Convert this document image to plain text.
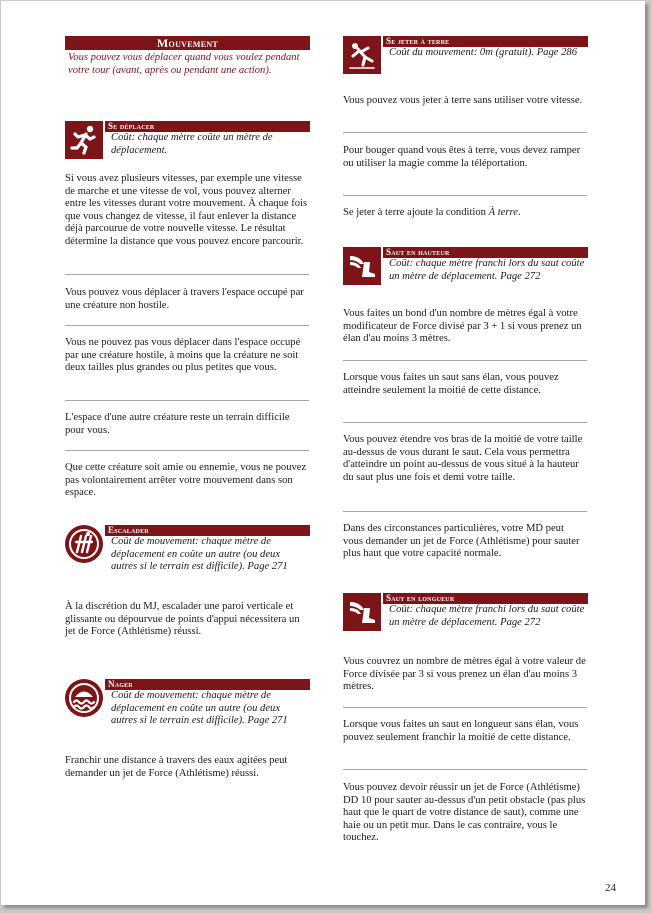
Mouvement
Vous pouvez vous déplacer quand vous voulez pendant votre tour (avant, après ou pendant une action).
Se déplacer
Coût: chaque mètre coûte un mètre de déplacement.
Si vous avez plusieurs vitesses, par exemple une vitesse de marche et une vitesse de vol, vous pouvez alterner entre les vitesses durant votre mouvement. À chaque fois que vous changez de vitesse, il faut enlever la distance déjà parcourue de votre nouvelle vitesse. Le résultat détermine la distance que vous pouvez encore parcourir.
Vous pouvez vous déplacer à travers l'espace occupé par une créature non hostile.
Vous ne pouvez pas vous déplacer dans l'espace occupé par une créature hostile, à moins que la créature ne soit deux tailles plus grandes ou plus petites que vous.
L'espace d'une autre créature reste un terrain difficile pour vous.
Que cette créature soit amie ou ennemie, vous ne pouvez pas volontairement arrêter votre mouvement dans son espace.
Escalader
Coût de mouvement: chaque mètre de déplacement en coûte un autre (ou deux autres si le terrain est difficile). Page 271
À la discrétion du MJ, escalader une paroi verticale et glissante ou dépourvue de points d'appui nécessitera un jet de Force (Athlétisme) réussi.
Nager
Coût de mouvement: chaque mètre de déplacement en coûte un autre (ou deux autres si le terrain est difficile). Page 271
Franchir une distance à travers des eaux agitées peut demander un jet de Force (Athlétisme) réussi.
Se jeter à terre
Coût du mouvement: 0m (gratuit). Page 286
Vous pouvez vous jeter à terre sans utiliser votre vitesse.
Pour bouger quand vous êtes à terre, vous devez ramper ou utiliser la magie comme la téléportation.
Se jeter à terre ajoute la condition À terre.
Saut en hauteur
Coût: chaque mètre franchi lors du saut coûte un mètre de déplacement. Page 272
Vous faites un bond d'un nombre de mètres égal à votre modificateur de Force divisé par 3 + 1 si vous prenez un élan d'au moins 3 mètres.
Lorsque vous faites un saut sans élan, vous pouvez atteindre seulement la moitié de cette distance.
Vous pouvez étendre vos bras de la moitié de votre taille au-dessus de vous durant le saut. Cela vous permettra d'atteindre un point au-dessus de vous situé à la hauteur du saut plus une fois et demi votre taille.
Dans des circonstances particulières, votre MD peut vous demander un jet de Force (Athlétisme) pour sauter plus haut que votre capacité normale.
Saut en longueur
Coût: chaque mètre franchi lors du saut coûte un mètre de déplacement. Page 272
Vous couvrez un nombre de mètres égal à votre valeur de Force divisée par 3 si vous prenez un élan d'au moins 3 mètres.
Lorsque vous faites un saut en longueur sans élan, vous pouvez seulement franchir la moitié de cette distance.
Vous pouvez devoir réussir un jet de Force (Athlétisme) DD 10 pour sauter au-dessus d'un petit obstacle (pas plus haut que le quart de votre distance de saut), comme une haie ou un petit mur. Dans le cas contraire, vous le touchez.
24
